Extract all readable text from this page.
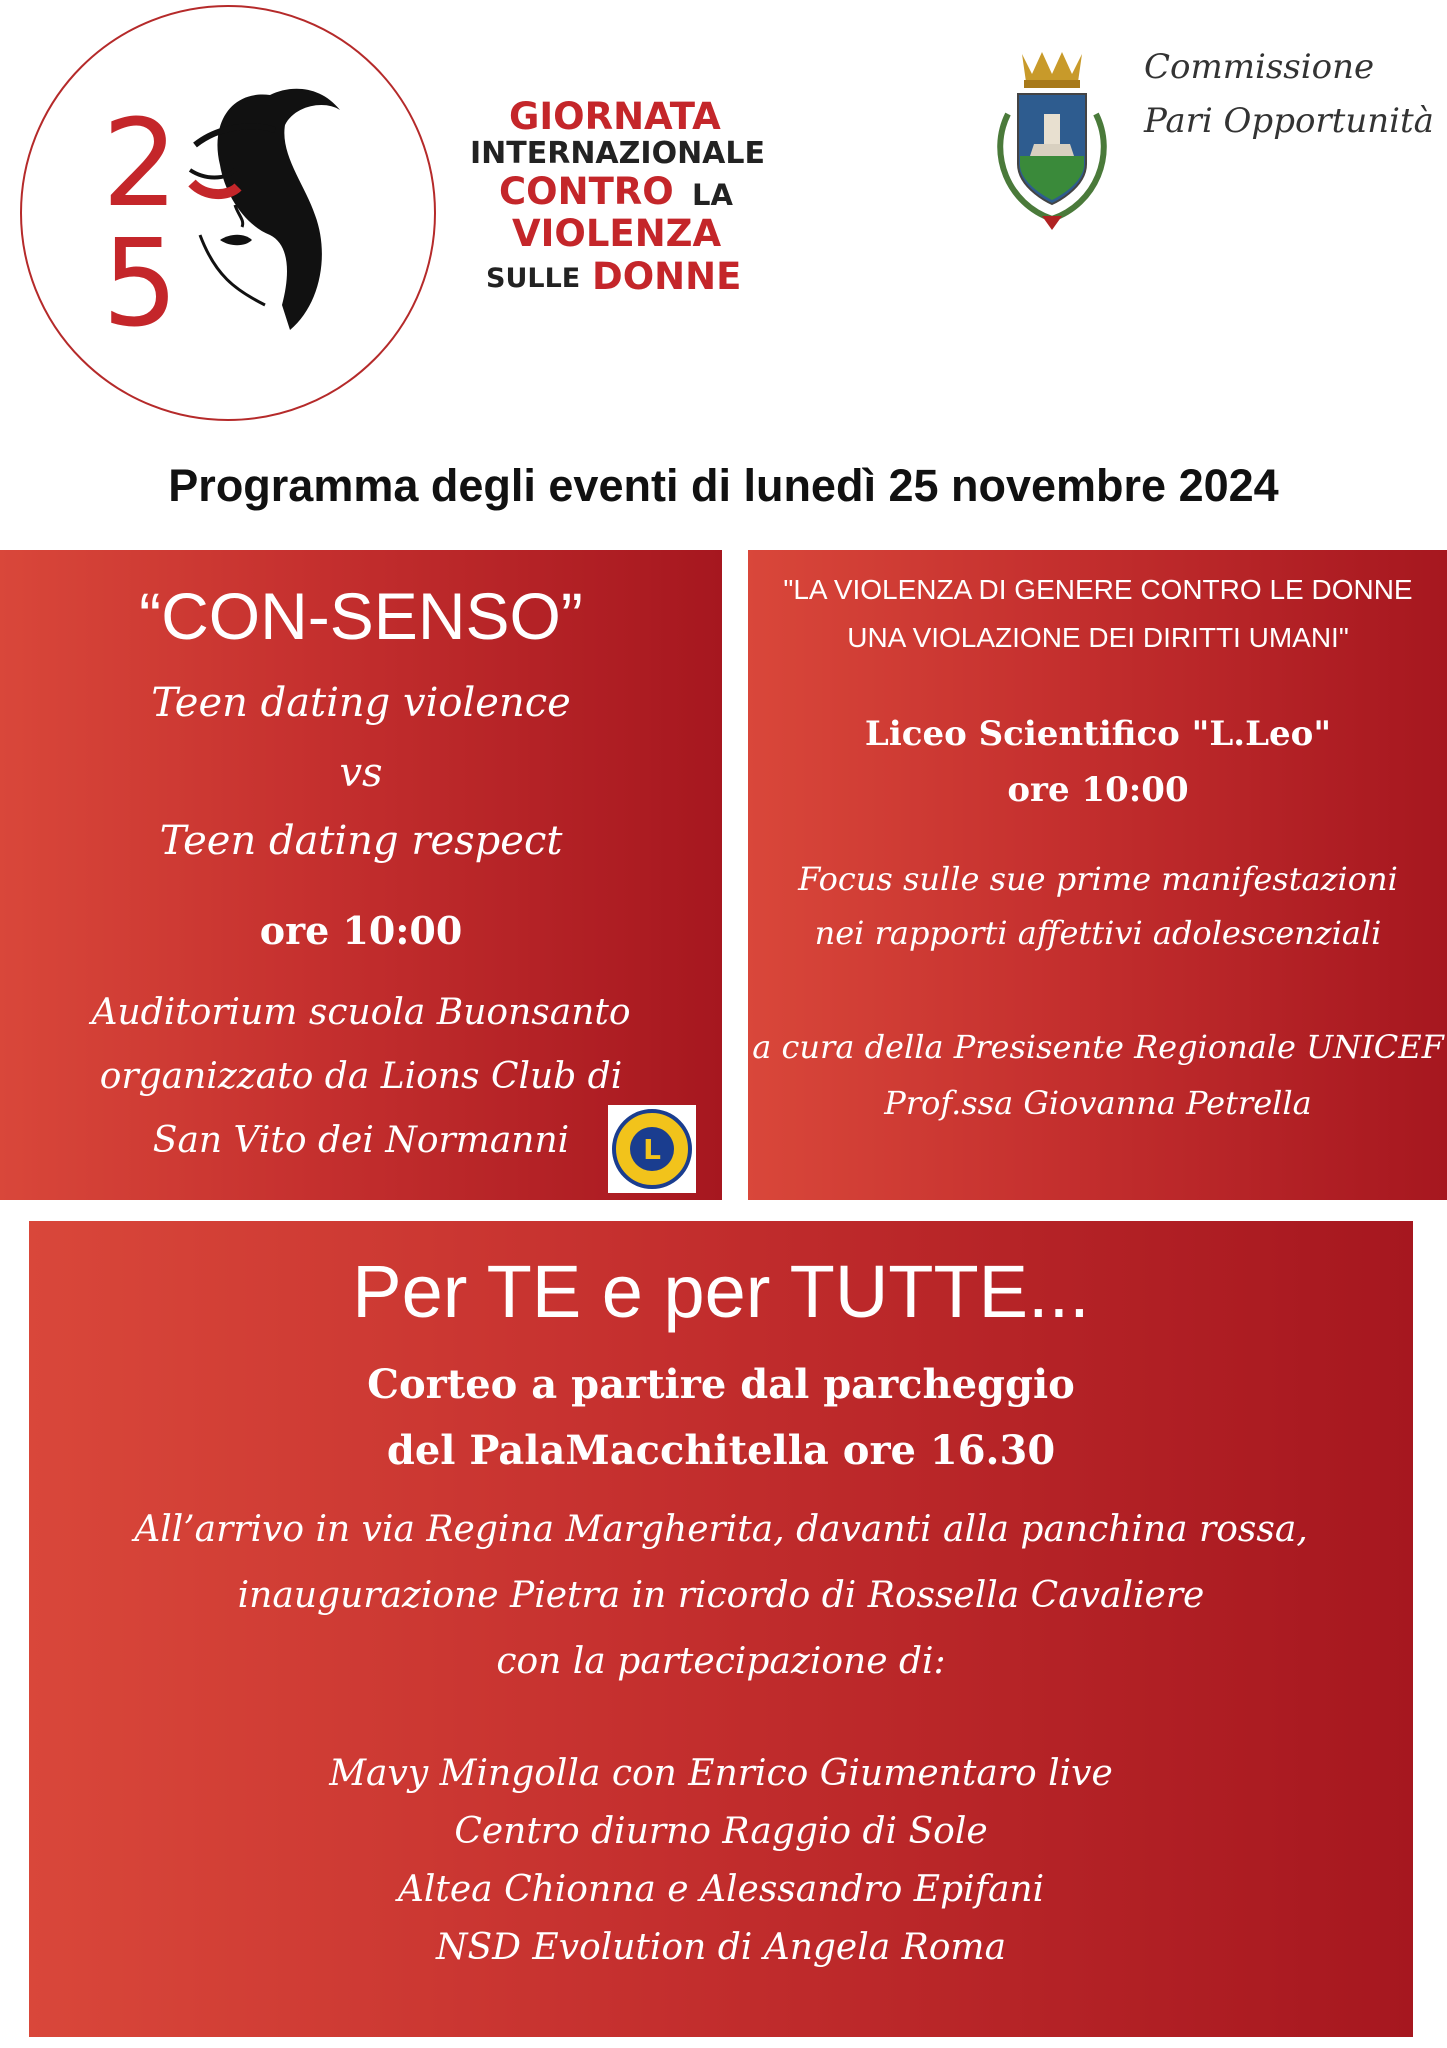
2
5
GIORNATA
INTERNAZIONALE
CONTRO LA
VIOLENZA
SULLE DONNE
Commissione
Pari Opportunità
Programma degli eventi di lunedì 25 novembre 2024
“CON-SENSO”
Teen dating violence
vs
Teen dating respect
ore 10:00
Auditorium scuola Buonsanto
organizzato da Lions Club di
San Vito dei Normanni	L
"LA VIOLENZA DI GENERE CONTRO LE DONNE
UNA VIOLAZIONE DEI DIRITTI UMANI"
Liceo Scientifico "L.Leo"
ore 10:00
Focus sulle sue prime manifestazioni
nei rapporti affettivi adolescenziali
a cura della Presisente Regionale UNICEF
Prof.ssa Giovanna Petrella
Per TE e per TUTTE...
Corteo a partire dal parcheggio
del PalaMacchitella ore 16.30
All’arrivo in via Regina Margherita, davanti alla panchina rossa,
inaugurazione Pietra in ricordo di Rossella Cavaliere
con la partecipazione di:
Mavy Mingolla con Enrico Giumentaro live
Centro diurno Raggio di Sole
Altea Chionna e Alessandro Epifani
NSD Evolution di Angela Roma
